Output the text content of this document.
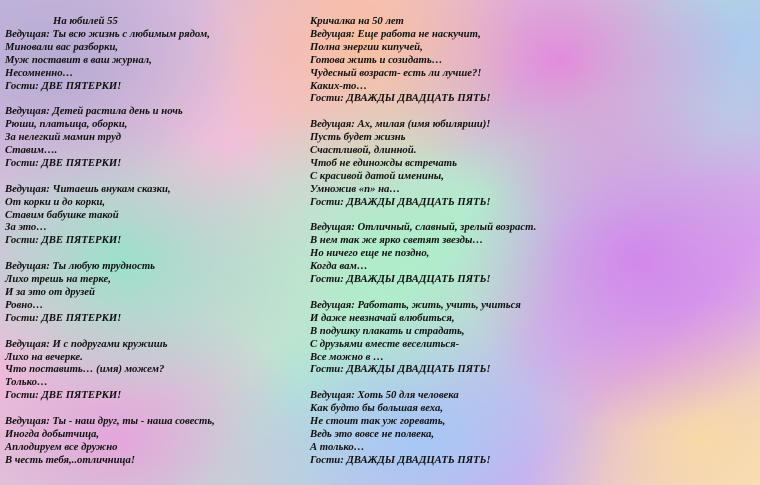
На юбилей 55
Ведущая: Ты всю жизнь с любимым рядом,
Миновали вас разборки,
Муж поставит в ваш журнал,
Несомненно…
Гости: ДВЕ ПЯТЕРКИ!
Ведущая: Детей растила день и ночь
Рюши, платьица, оборки,
За нелегкий мамин труд
Ставим….
Гости: ДВЕ ПЯТЕРКИ!
Ведущая: Читаешь внукам сказки,
От корки и до корки,
Ставим бабушке такой
За это…
Гости: ДВЕ ПЯТЕРКИ!
Ведущая: Ты любую трудность
Лихо трешь на терке,
И за это от друзей
Ровно…
Гости: ДВЕ ПЯТЕРКИ!
Ведущая: И с подругами кружишь
Лихо на вечерке.
Что поставить… (имя) можем?
Только…
Гости: ДВЕ ПЯТЕРКИ!
Ведущая: Ты - наш друг, ты - наша совесть,
Иногда добытчица,
Аплодируем все дружно
В честь тебя,..отличница!
Кричалка на 50 лет
Ведущая: Еще работа не наскучит,
Полна энергии кипучей,
Готова жить и созидать…
Чудесный возраст- есть ли лучше?!
Каких-то…
Гости: ДВАЖДЫ ДВАДЦАТЬ ПЯТЬ!
Ведущая: Ах, милая (имя юбилярши)!
Пусть будет жизнь
Счастливой, длинной.
Чтоб не единожды встречать
С красивой датой именины,
Умножив «п» на…
Гости: ДВАЖДЫ ДВАДЦАТЬ ПЯТЬ!
Ведущая: Отличный, славный, зрелый возраст.
В нем так же ярко светят звезды…
Но ничего еще не поздно,
Когда вам…
Гости: ДВАЖДЫ ДВАДЦАТЬ ПЯТЬ!
Ведущая: Работать, жить, учить, учиться
И даже невзначай влюбиться,
В подушку плакать и страдать,
С друзьями вместе веселиться-
Все можно в …
Гости: ДВАЖДЫ ДВАДЦАТЬ ПЯТЬ!
Ведущая: Хоть 50 для человека
Как будто бы большая веха,
Не стоит так уж горевать,
Ведь это вовсе не полвека,
А только…
Гости: ДВАЖДЫ ДВАДЦАТЬ ПЯТЬ!
